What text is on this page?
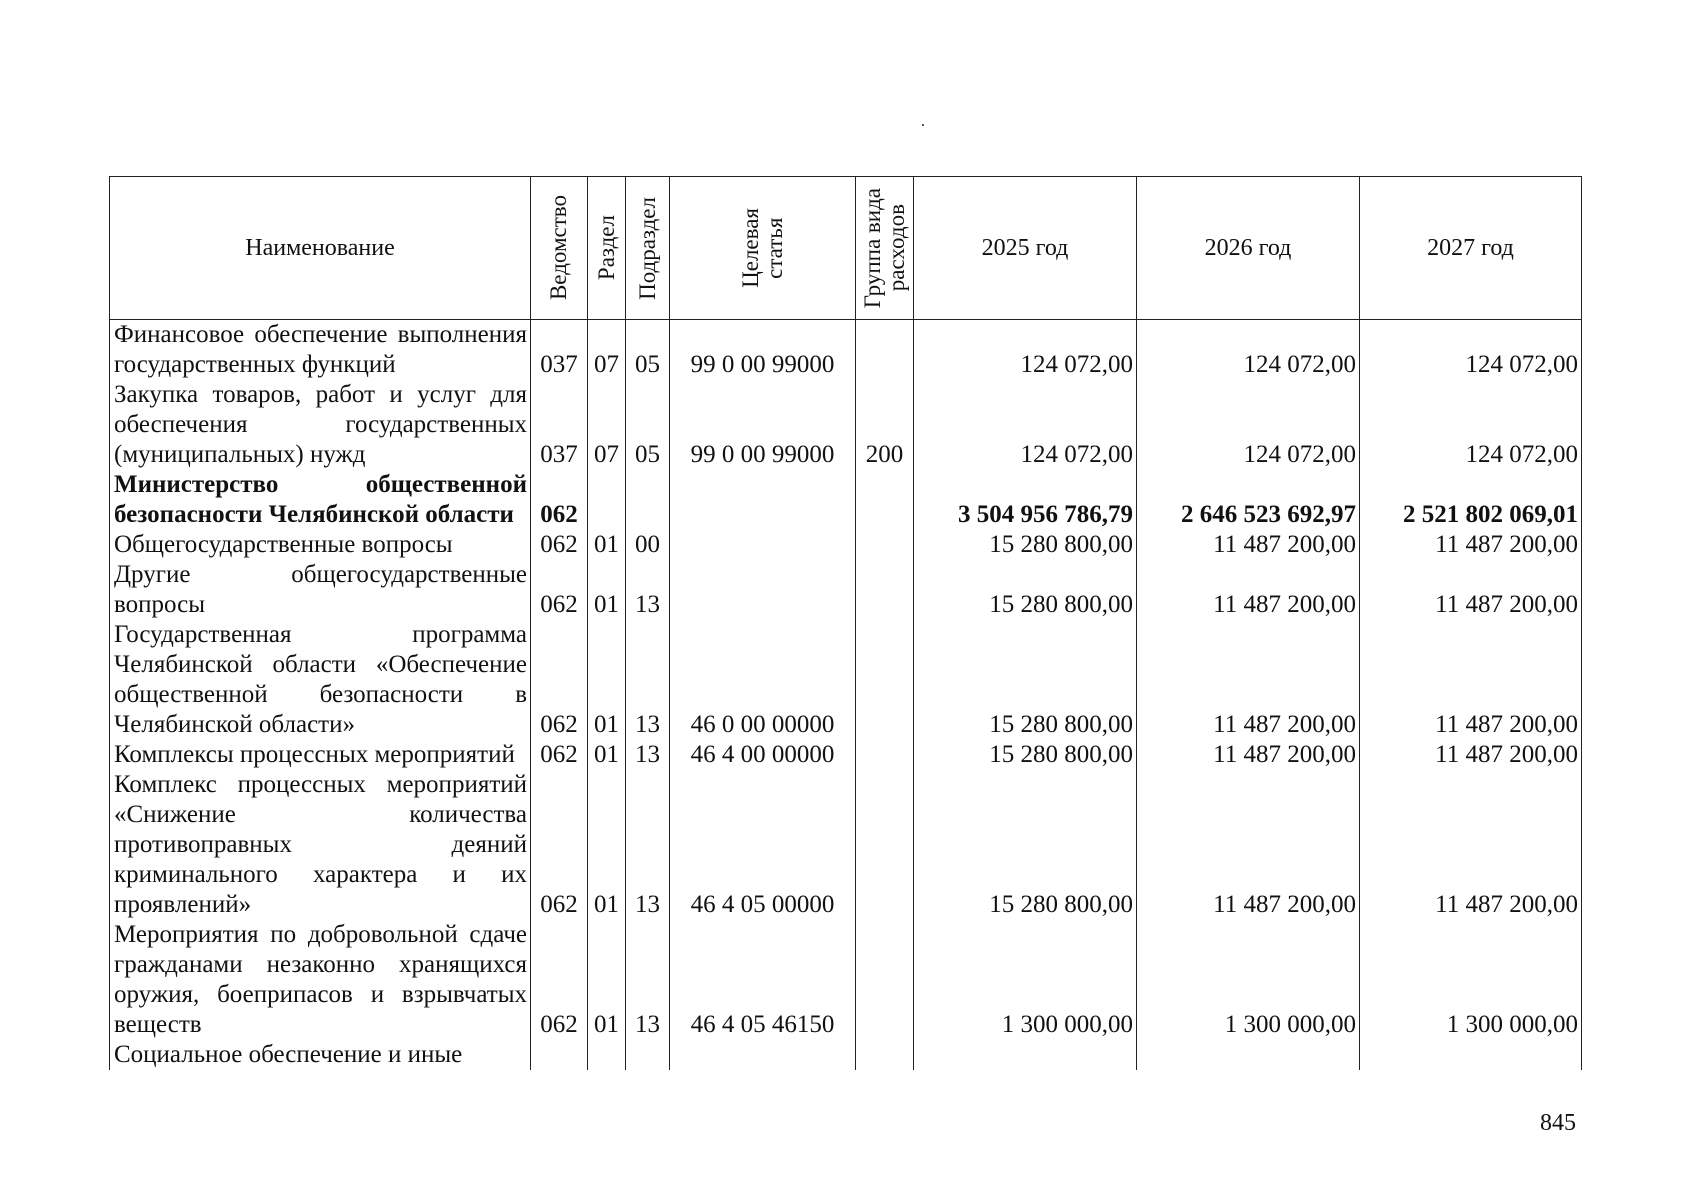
Наименование	Ведомство	Раздел	Подраздел	Целевая
статья	Группа вида
расходов	2025 год	2026 год	2027 год
Финансовое обеспечение выполнения государственных функций	037	07	05	99 0 00 99000		124 072,00	124 072,00	124 072,00
Закупка товаров, работ и услуг для обеспечения государственных (муниципальных) нужд	037	07	05	99 0 00 99000	200	124 072,00	124 072,00	124 072,00
Министерство общественной безопасности Челябинской области	062					3 504 956 786,79	2 646 523 692,97	2 521 802 069,01
Общегосударственные вопросы	062	01	00			15 280 800,00	11 487 200,00	11 487 200,00
Другие общегосударственные вопросы	062	01	13			15 280 800,00	11 487 200,00	11 487 200,00
Государственная программа Челябинской области «Обеспечение общественной безопасности в Челябинской области»	062	01	13	46 0 00 00000		15 280 800,00	11 487 200,00	11 487 200,00
Комплексы процессных мероприятий	062	01	13	46 4 00 00000		15 280 800,00	11 487 200,00	11 487 200,00
Комплекс процессных мероприятий «Снижение количества противоправных деяний криминального характера и их проявлений»	062	01	13	46 4 05 00000		15 280 800,00	11 487 200,00	11 487 200,00
Мероприятия по добровольной сдаче гражданами незаконно хранящихся оружия, боеприпасов и взрывчатых веществ	062	01	13	46 4 05 46150		1 300 000,00	1 300 000,00	1 300 000,00
Социальное обеспечение и иные								
845
